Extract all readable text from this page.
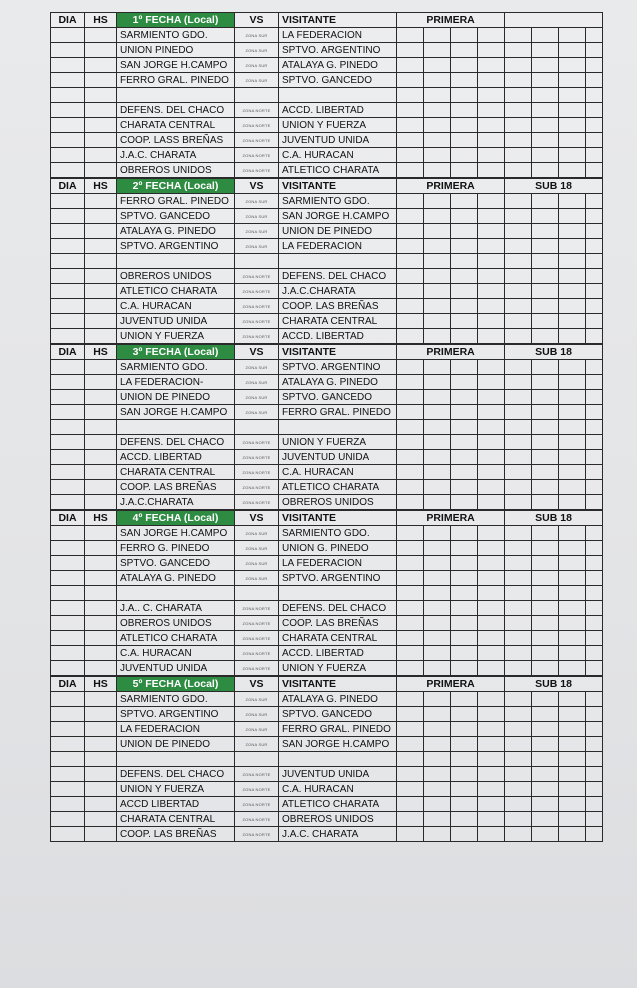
DIA	HS	1º FECHA (Local)	VS	VISITANTE	PRIMERA							
		SARMIENTO GDO.	ZONA SUR	LA FEDERACION								
		UNION PINEDO	ZONA SUR	SPTVO. ARGENTINO								
		SAN JORGE H.CAMPO	ZONA SUR	ATALAYA G. PINEDO								
		FERRO GRAL. PINEDO	ZONA SUR	SPTVO. GANCEDO								

		DEFENS. DEL CHACO	ZONA NORTE	ACCD. LIBERTAD								
		CHARATA CENTRAL	ZONA NORTE	UNION Y FUERZA								
		COOP. LASS BREÑAS	ZONA NORTE	JUVENTUD UNIDA								
		J.A.C. CHARATA	ZONA NORTE	C.A. HURACAN								
		OBREROS UNIDOS	ZONA NORTE	ATLETICO CHARATA								
DIA	HS	2º FECHA (Local)	VS	VISITANTE	PRIMERA				SUB 18			
		FERRO GRAL. PINEDO	ZONA SUR	SARMIENTO GDO.								
		SPTVO. GANCEDO	ZONA SUR	SAN JORGE H.CAMPO								
		ATALAYA G. PINEDO	ZONA SUR	UNION DE PINEDO								
		SPTVO. ARGENTINO	ZONA SUR	LA FEDERACION								

		OBREROS UNIDOS	ZONA NORTE	DEFENS. DEL CHACO								
		ATLETICO CHARATA	ZONA NORTE	J.A.C.CHARATA								
		C.A. HURACAN	ZONA NORTE	COOP. LAS BREÑAS								
		JUVENTUD UNIDA	ZONA NORTE	CHARATA CENTRAL								
		UNION Y FUERZA	ZONA NORTE	ACCD. LIBERTAD								
DIA	HS	3º FECHA (Local)	VS	VISITANTE	PRIMERA				SUB 18			
		SARMIENTO GDO.	ZONA SUR	SPTVO. ARGENTINO								
		LA FEDERACION-	ZONA SUR	ATALAYA G. PINEDO								
		UNION DE PINEDO	ZONA SUR	SPTVO. GANCEDO								
		SAN JORGE H.CAMPO	ZONA SUR	FERRO GRAL. PINEDO								

		DEFENS. DEL CHACO	ZONA NORTE	UNION Y FUERZA								
		ACCD. LIBERTAD	ZONA NORTE	JUVENTUD UNIDA								
		CHARATA CENTRAL	ZONA NORTE	C.A. HURACAN								
		COOP. LAS BREÑAS	ZONA NORTE	ATLETICO CHARATA								
		J.A.C.CHARATA	ZONA NORTE	OBREROS UNIDOS								
DIA	HS	4º FECHA (Local)	VS	VISITANTE	PRIMERA				SUB 18			
		SAN JORGE H.CAMPO	ZONA SUR	SARMIENTO GDO.								
		FERRO G. PINEDO	ZONA SUR	UNION G. PINEDO								
		SPTVO. GANCEDO	ZONA SUR	LA FEDERACION								
		ATALAYA G. PINEDO	ZONA SUR	SPTVO. ARGENTINO								

		J.A.. C. CHARATA	ZONA NORTE	DEFENS. DEL CHACO								
		OBREROS UNIDOS	ZONA NORTE	COOP. LAS BREÑAS								
		ATLETICO CHARATA	ZONA NORTE	CHARATA CENTRAL								
		C.A. HURACAN	ZONA NORTE	ACCD. LIBERTAD								
		JUVENTUD UNIDA	ZONA NORTE	UNION Y FUERZA								
DIA	HS	5º FECHA (Local)	VS	VISITANTE	PRIMERA				SUB 18			
		SARMIENTO GDO.	ZONA SUR	ATALAYA G. PINEDO								
		SPTVO. ARGENTINO	ZONA SUR	SPTVO. GANCEDO								
		LA FEDERACION	ZONA SUR	FERRO GRAL. PINEDO								
		UNION DE PINEDO	ZONA SUR	SAN JORGE H.CAMPO								

		DEFENS. DEL CHACO	ZONA NORTE	JUVENTUD UNIDA								
		UNION Y FUERZA	ZONA NORTE	C.A. HURACAN								
		ACCD LIBERTAD	ZONA NORTE	ATLETICO CHARATA								
		CHARATA CENTRAL	ZONA NORTE	OBREROS UNIDOS								
		COOP. LAS BREÑAS	ZONA NORTE	J.A.C. CHARATA								
